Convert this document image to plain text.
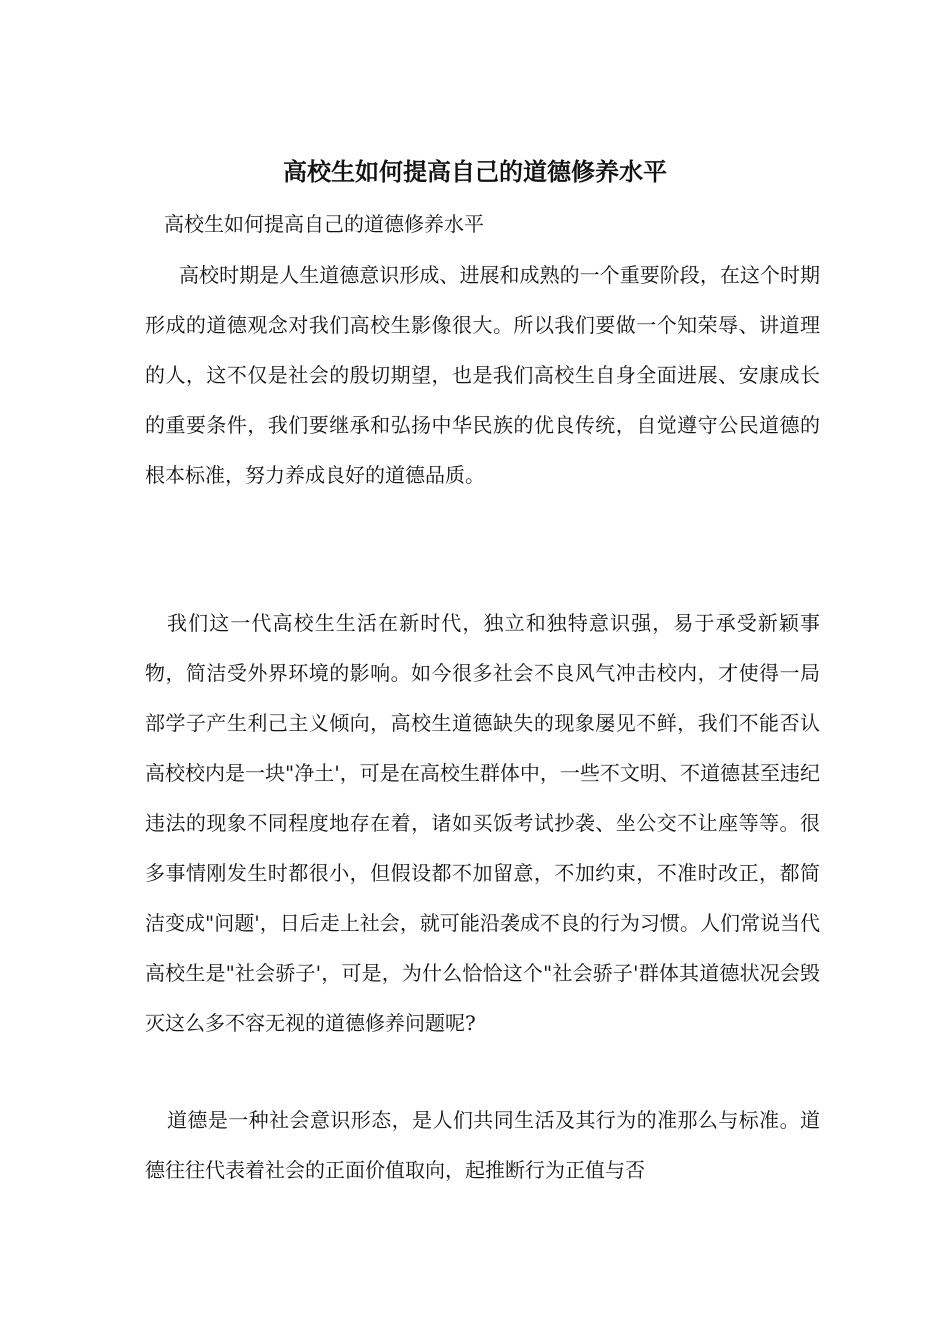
高校生如何提高自己的道德修养水平

高校生如何提高自己的道德修养水平

高校时期是人生道德意识形成、进展和成熟的一个重要阶段，在这个时期形成的道德观念对我们高校生影像很大。所以我们要做一个知荣辱、讲道理的人，这不仅是社会的殷切期望，也是我们高校生自身全面进展、安康成长的重要条件，我们要继承和弘扬中华民族的优良传统，自觉遵守公民道德的根本标准，努力养成良好的道德品质。

我们这一代高校生生活在新时代，独立和独特意识强，易于承受新颖事物，简洁受外界环境的影响。如今很多社会不良风气冲击校内，才使得一局部学子产生利己主义倾向，高校生道德缺失的现象屡见不鲜，我们不能否认高校校内是一块"净土'，可是在高校生群体中，一些不文明、不道德甚至违纪违法的现象不同程度地存在着，诸如买饭考试抄袭、坐公交不让座等等。很多事情刚发生时都很小，但假设都不加留意，不加约束，不准时改正，都简洁变成"问题'，日后走上社会，就可能沿袭成不良的行为习惯。人们常说当代高校生是"社会骄子'，可是，为什么恰恰这个"社会骄子'群体其道德状况会毁灭这么多不容无视的道德修养问题呢?

道德是一种社会意识形态，是人们共同生活及其行为的准那么与标准。道德往往代表着社会的正面价值取向，起推断行为正值与否
